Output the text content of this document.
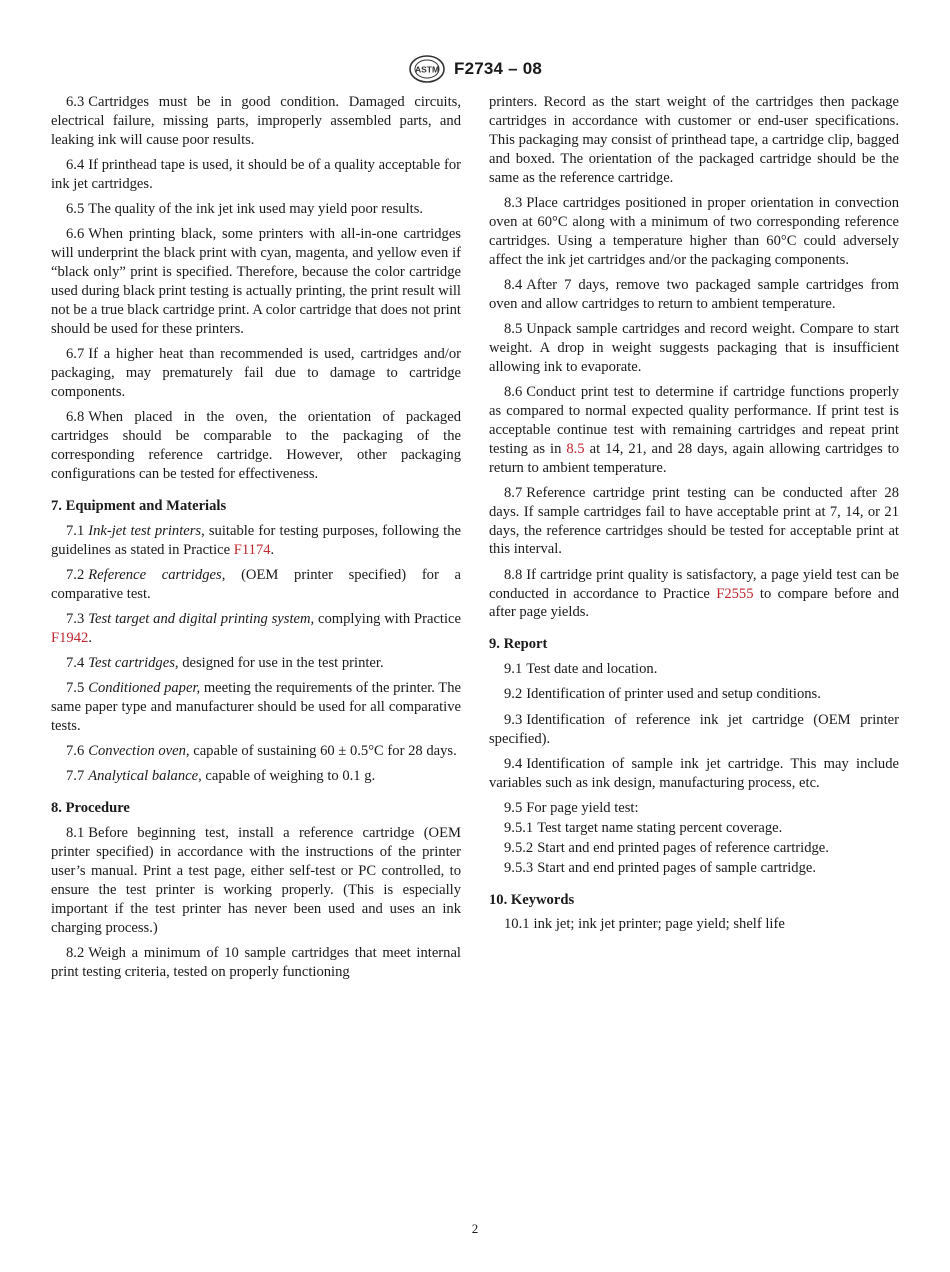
ASTM F2734 – 08

6.3 Cartridges must be in good condition. Damaged circuits, electrical failure, missing parts, improperly assembled parts, and leaking ink will cause poor results.

6.4 If printhead tape is used, it should be of a quality acceptable for ink jet cartridges.

6.5 The quality of the ink jet ink used may yield poor results.

6.6 When printing black, some printers with all-in-one cartridges will underprint the black print with cyan, magenta, and yellow even if “black only” print is specified. Therefore, because the color cartridge used during black print testing is actually printing, the print result will not be a true black cartridge print. A color cartridge that does not print should be used for these printers.

6.7 If a higher heat than recommended is used, cartridges and/or packaging, may prematurely fail due to damage to cartridge components.

6.8 When placed in the oven, the orientation of packaged cartridges should be comparable to the packaging of the corresponding reference cartridge. However, other packaging configurations can be tested for effectiveness.

7. Equipment and Materials

7.1 Ink-jet test printers, suitable for testing purposes, following the guidelines as stated in Practice F1174.

7.2 Reference cartridges, (OEM printer specified) for a comparative test.

7.3 Test target and digital printing system, complying with Practice F1942.

7.4 Test cartridges, designed for use in the test printer.

7.5 Conditioned paper, meeting the requirements of the printer. The same paper type and manufacturer should be used for all comparative tests.

7.6 Convection oven, capable of sustaining 60 ± 0.5°C for 28 days.

7.7 Analytical balance, capable of weighing to 0.1 g.

8. Procedure

8.1 Before beginning test, install a reference cartridge (OEM printer specified) in accordance with the instructions of the printer user’s manual. Print a test page, either self-test or PC controlled, to ensure the test printer is working properly. (This is especially important if the test printer has never been used and uses an ink charging process.)

8.2 Weigh a minimum of 10 sample cartridges that meet internal print testing criteria, tested on properly functioning

printers. Record as the start weight of the cartridges then package cartridges in accordance with customer or end-user specifications. This packaging may consist of printhead tape, a cartridge clip, bagged and boxed. The orientation of the packaged cartridge should be the same as the reference cartridge.

8.3 Place cartridges positioned in proper orientation in convection oven at 60°C along with a minimum of two corresponding reference cartridges. Using a temperature higher than 60°C could adversely affect the ink jet cartridges and/or the packaging components.

8.4 After 7 days, remove two packaged sample cartridges from oven and allow cartridges to return to ambient temperature.

8.5 Unpack sample cartridges and record weight. Compare to start weight. A drop in weight suggests packaging that is insufficient allowing ink to evaporate.

8.6 Conduct print test to determine if cartridge functions properly as compared to normal expected quality performance. If print test is acceptable continue test with remaining cartridges and repeat print testing as in 8.5 at 14, 21, and 28 days, again allowing cartridges to return to ambient temperature.

8.7 Reference cartridge print testing can be conducted after 28 days. If sample cartridges fail to have acceptable print at 7, 14, or 21 days, the reference cartridges should be tested for acceptable print at this interval.

8.8 If cartridge print quality is satisfactory, a page yield test can be conducted in accordance to Practice F2555 to compare before and after page yields.

9. Report

9.1 Test date and location.

9.2 Identification of printer used and setup conditions.

9.3 Identification of reference ink jet cartridge (OEM printer specified).

9.4 Identification of sample ink jet cartridge. This may include variables such as ink design, manufacturing process, etc.

9.5 For page yield test:

9.5.1 Test target name stating percent coverage.

9.5.2 Start and end printed pages of reference cartridge.

9.5.3 Start and end printed pages of sample cartridge.

10. Keywords

10.1 ink jet; ink jet printer; page yield; shelf life

2
